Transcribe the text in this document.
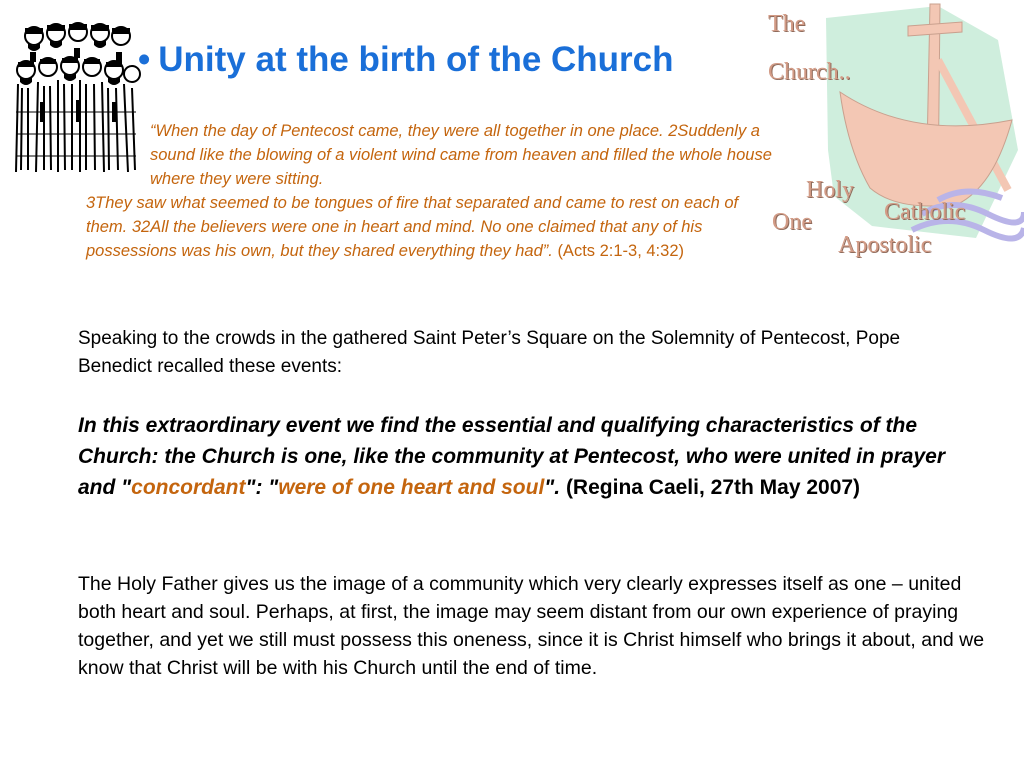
• Unity at the birth of the Church
The
Church..
Holy
One	Catholic
Apostolic
“When the day of Pentecost came, they were all together in one place. 2Suddenly a sound like the blowing of a violent wind came from heaven and filled the whole house where they were sitting.
3They saw what seemed to be tongues of fire that separated and came to rest on each of them. 32All the believers were one in heart and mind. No one claimed that any of his possessions was his own, but they shared everything they had”. (Acts 2:1-3, 4:32)
Speaking to the crowds in the gathered Saint Peter’s Square on the Solemnity of Pentecost, Pope Benedict recalled these events:
In this extraordinary event we find the essential and qualifying characteristics of the Church: the Church is one, like the community at Pentecost, who were united in prayer and "concordant": "were of one heart and soul". (Regina Caeli, 27th May 2007)
The Holy Father gives us the image of a community which very clearly expresses itself as one – united both heart and soul. Perhaps, at first, the image may seem distant from our own experience of praying together, and yet we still must possess this oneness, since it is Christ himself who brings it about, and we know that Christ will be with his Church until the end of time.
